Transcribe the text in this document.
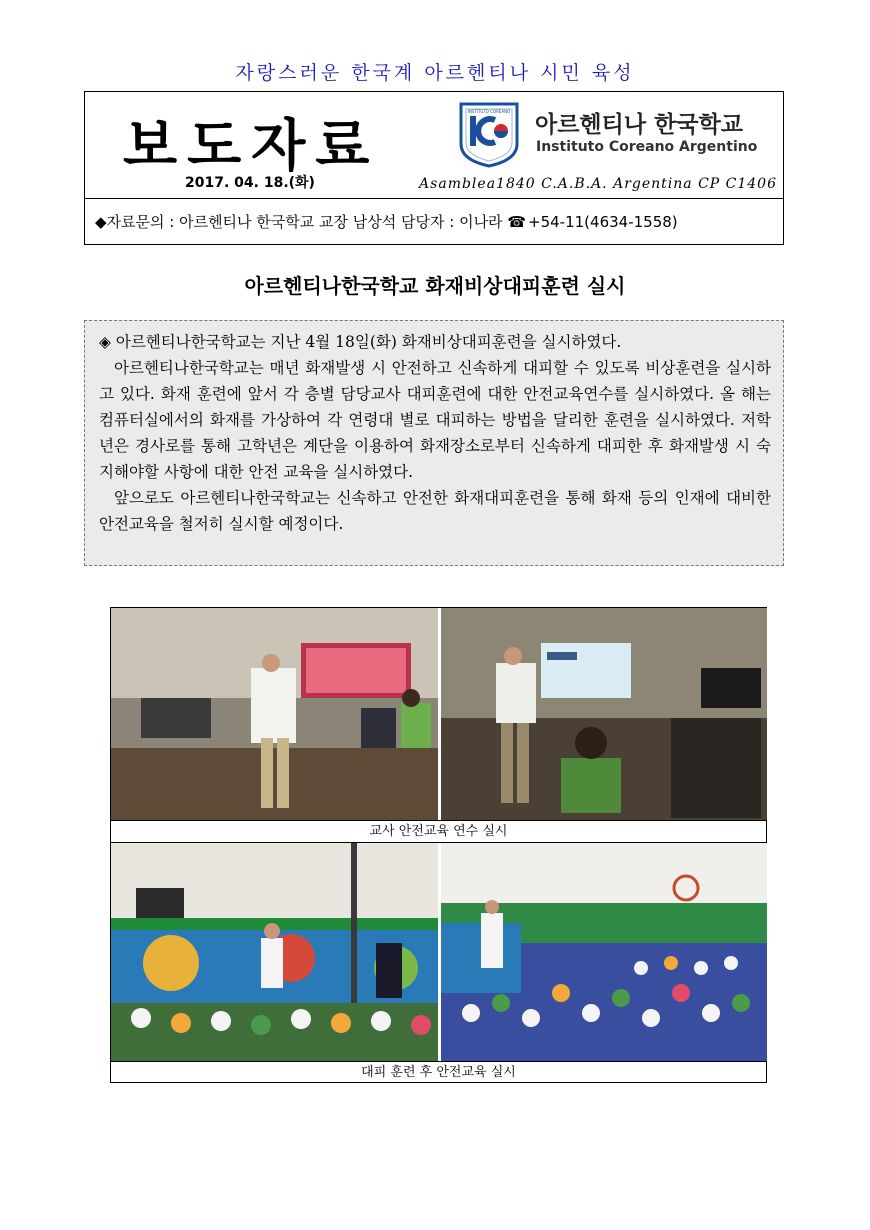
자랑스러운 한국계 아르헨티나 시민 육성
보도자료
2017. 04. 18.(화)
INSTITUTO COREANO
아르헨티나 한국학교
Instituto Coreano Argentino
Asamblea1840 C.A.B.A. Argentina CP C1406
◆자료문의 : 아르헨티나 한국학교 교장 남상석 담당자 : 이나라 ☎ +54-11(4634-1558)
아르헨티나한국학교 화재비상대피훈련 실시

◈ 아르헨티나한국학교는 지난 4월 18일(화) 화재비상대피훈련을 실시하였다.

아르헨티나한국학교는 매년 화재발생 시 안전하고 신속하게 대피할 수 있도록 비상훈련을 실시하고 있다. 화재 훈련에 앞서 각 층별 담당교사 대피훈련에 대한 안전교육연수를 실시하였다. 올 해는 컴퓨터실에서의 화재를 가상하여 각 연령대 별로 대피하는 방법을 달리한 훈련을 실시하였다. 저학년은 경사로를 통해 고학년은 계단을 이용하여 화재장소로부터 신속하게 대피한 후 화재발생 시 숙지해야할 사항에 대한 안전 교육을 실시하였다.

앞으로도 아르헨티나한국학교는 신속하고 안전한 화재대피훈련을 통해 화재 등의 인재에 대비한 안전교육을 철저히 실시할 예정이다.

교사 안전교육 연수 실시
대피 훈련 후 안전교육 실시
